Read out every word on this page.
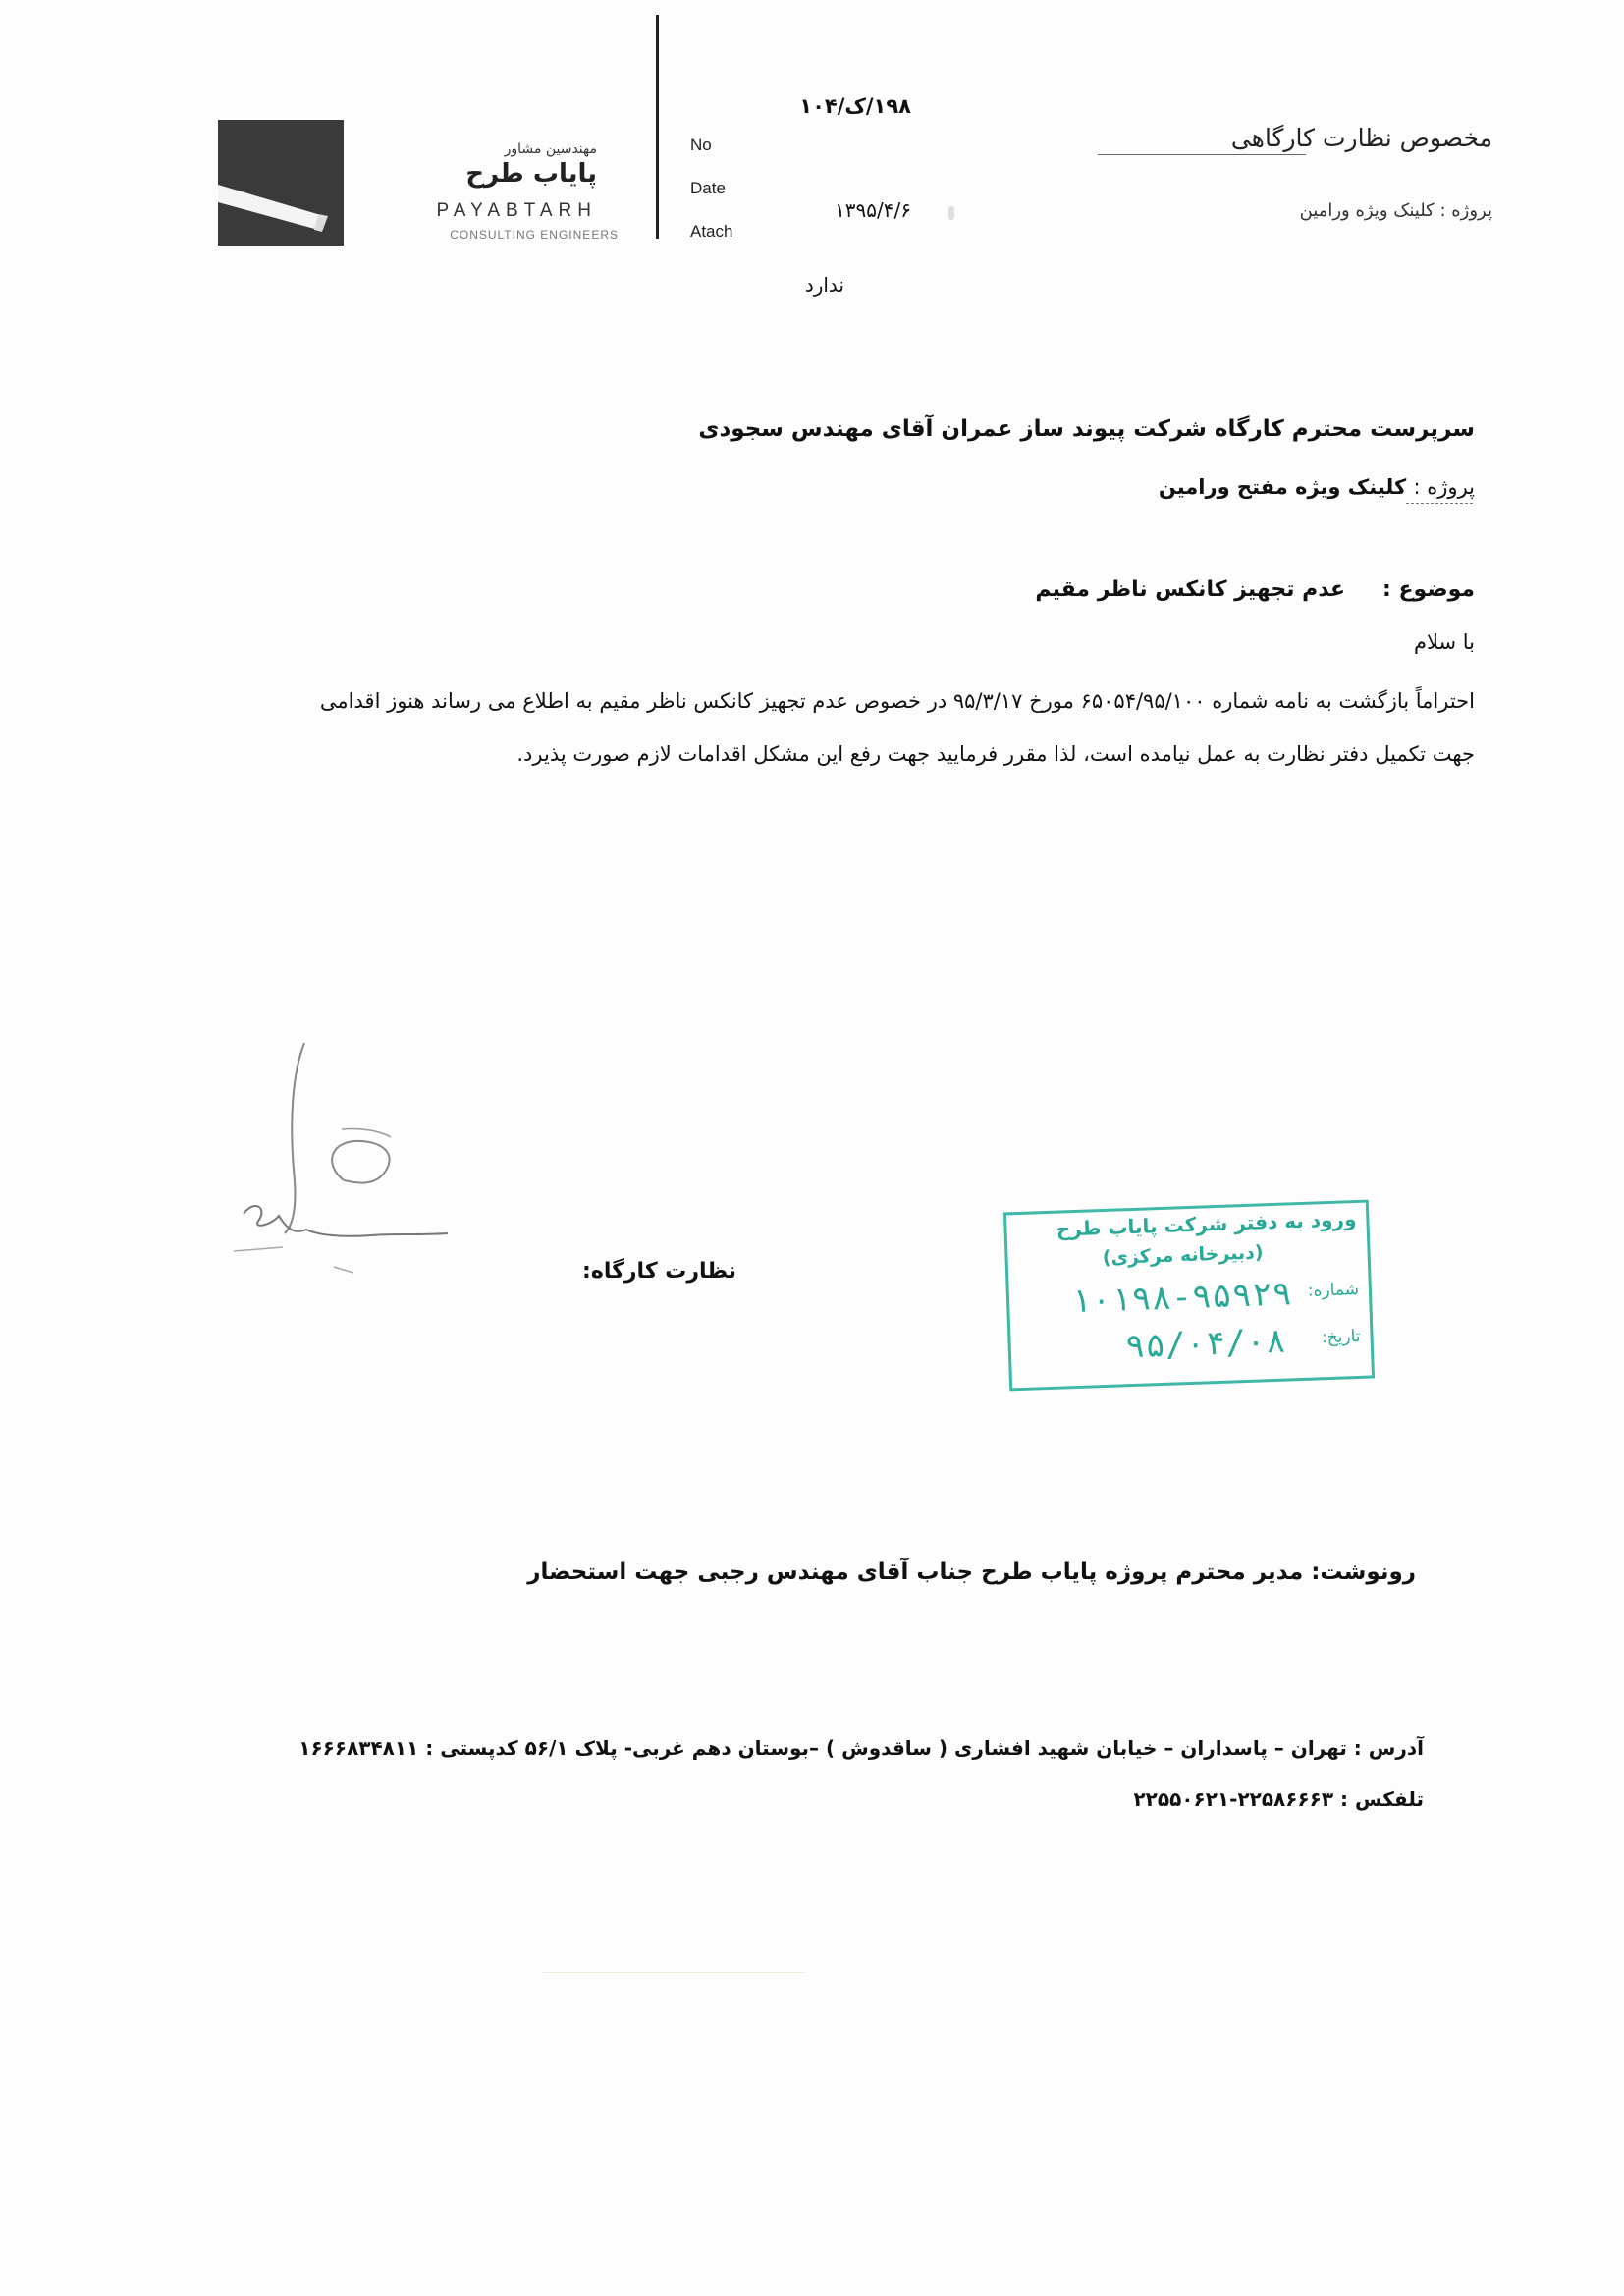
مهندسین مشاور
پایاب طرح
PAYABTARH
CONSULTING ENGINEERS
No
Date
Atach
۱۹۸/ک/۱۰۴
۱۳۹۵/۴/۶
ندارد
مخصوص نظارت کارگاهی
پروژه : کلینک ویژه ورامین
سرپرست محترم کارگاه شرکت پیوند ساز عمران آقای مهندس سجودی
پروژه : کلینک ویژه مفتح ورامین
موضوع :
عدم تجهیز کانکس ناظر مقیم
با سلام
احتراماً بازگشت به نامه شماره ۶۵۰۵۴/۹۵/۱۰۰ مورخ ۹۵/۳/۱۷ در خصوص عدم تجهیز کانکس ناظر مقیم به اطلاع می رساند هنوز اقدامی
جهت تکمیل دفتر نظارت به عمل نیامده است، لذا مقرر فرمایید جهت رفع این مشکل اقدامات لازم صورت پذیرد.
نظارت کارگاه:
ورود به دفتر شرکت پایاب طرح
(دبیرخانه مرکزی)
شماره:
۱۰۱۹۸-۹۵۹۲۹
تاریخ:
۹۵/۰۴/۰۸
رونوشت: مدیر محترم پروژه پایاب طرح جناب آقای مهندس رجبی جهت استحضار
آدرس : تهران – پاسداران – خیابان شهید افشاری ( ساقدوش ) –بوستان دهم غربی- پلاک ۵۶/۱ کدپستی : ۱۶۶۶۸۳۴۸۱۱
تلفکس : ۲۲۵۸۶۶۶۳-۲۲۵۵۰۶۲۱
